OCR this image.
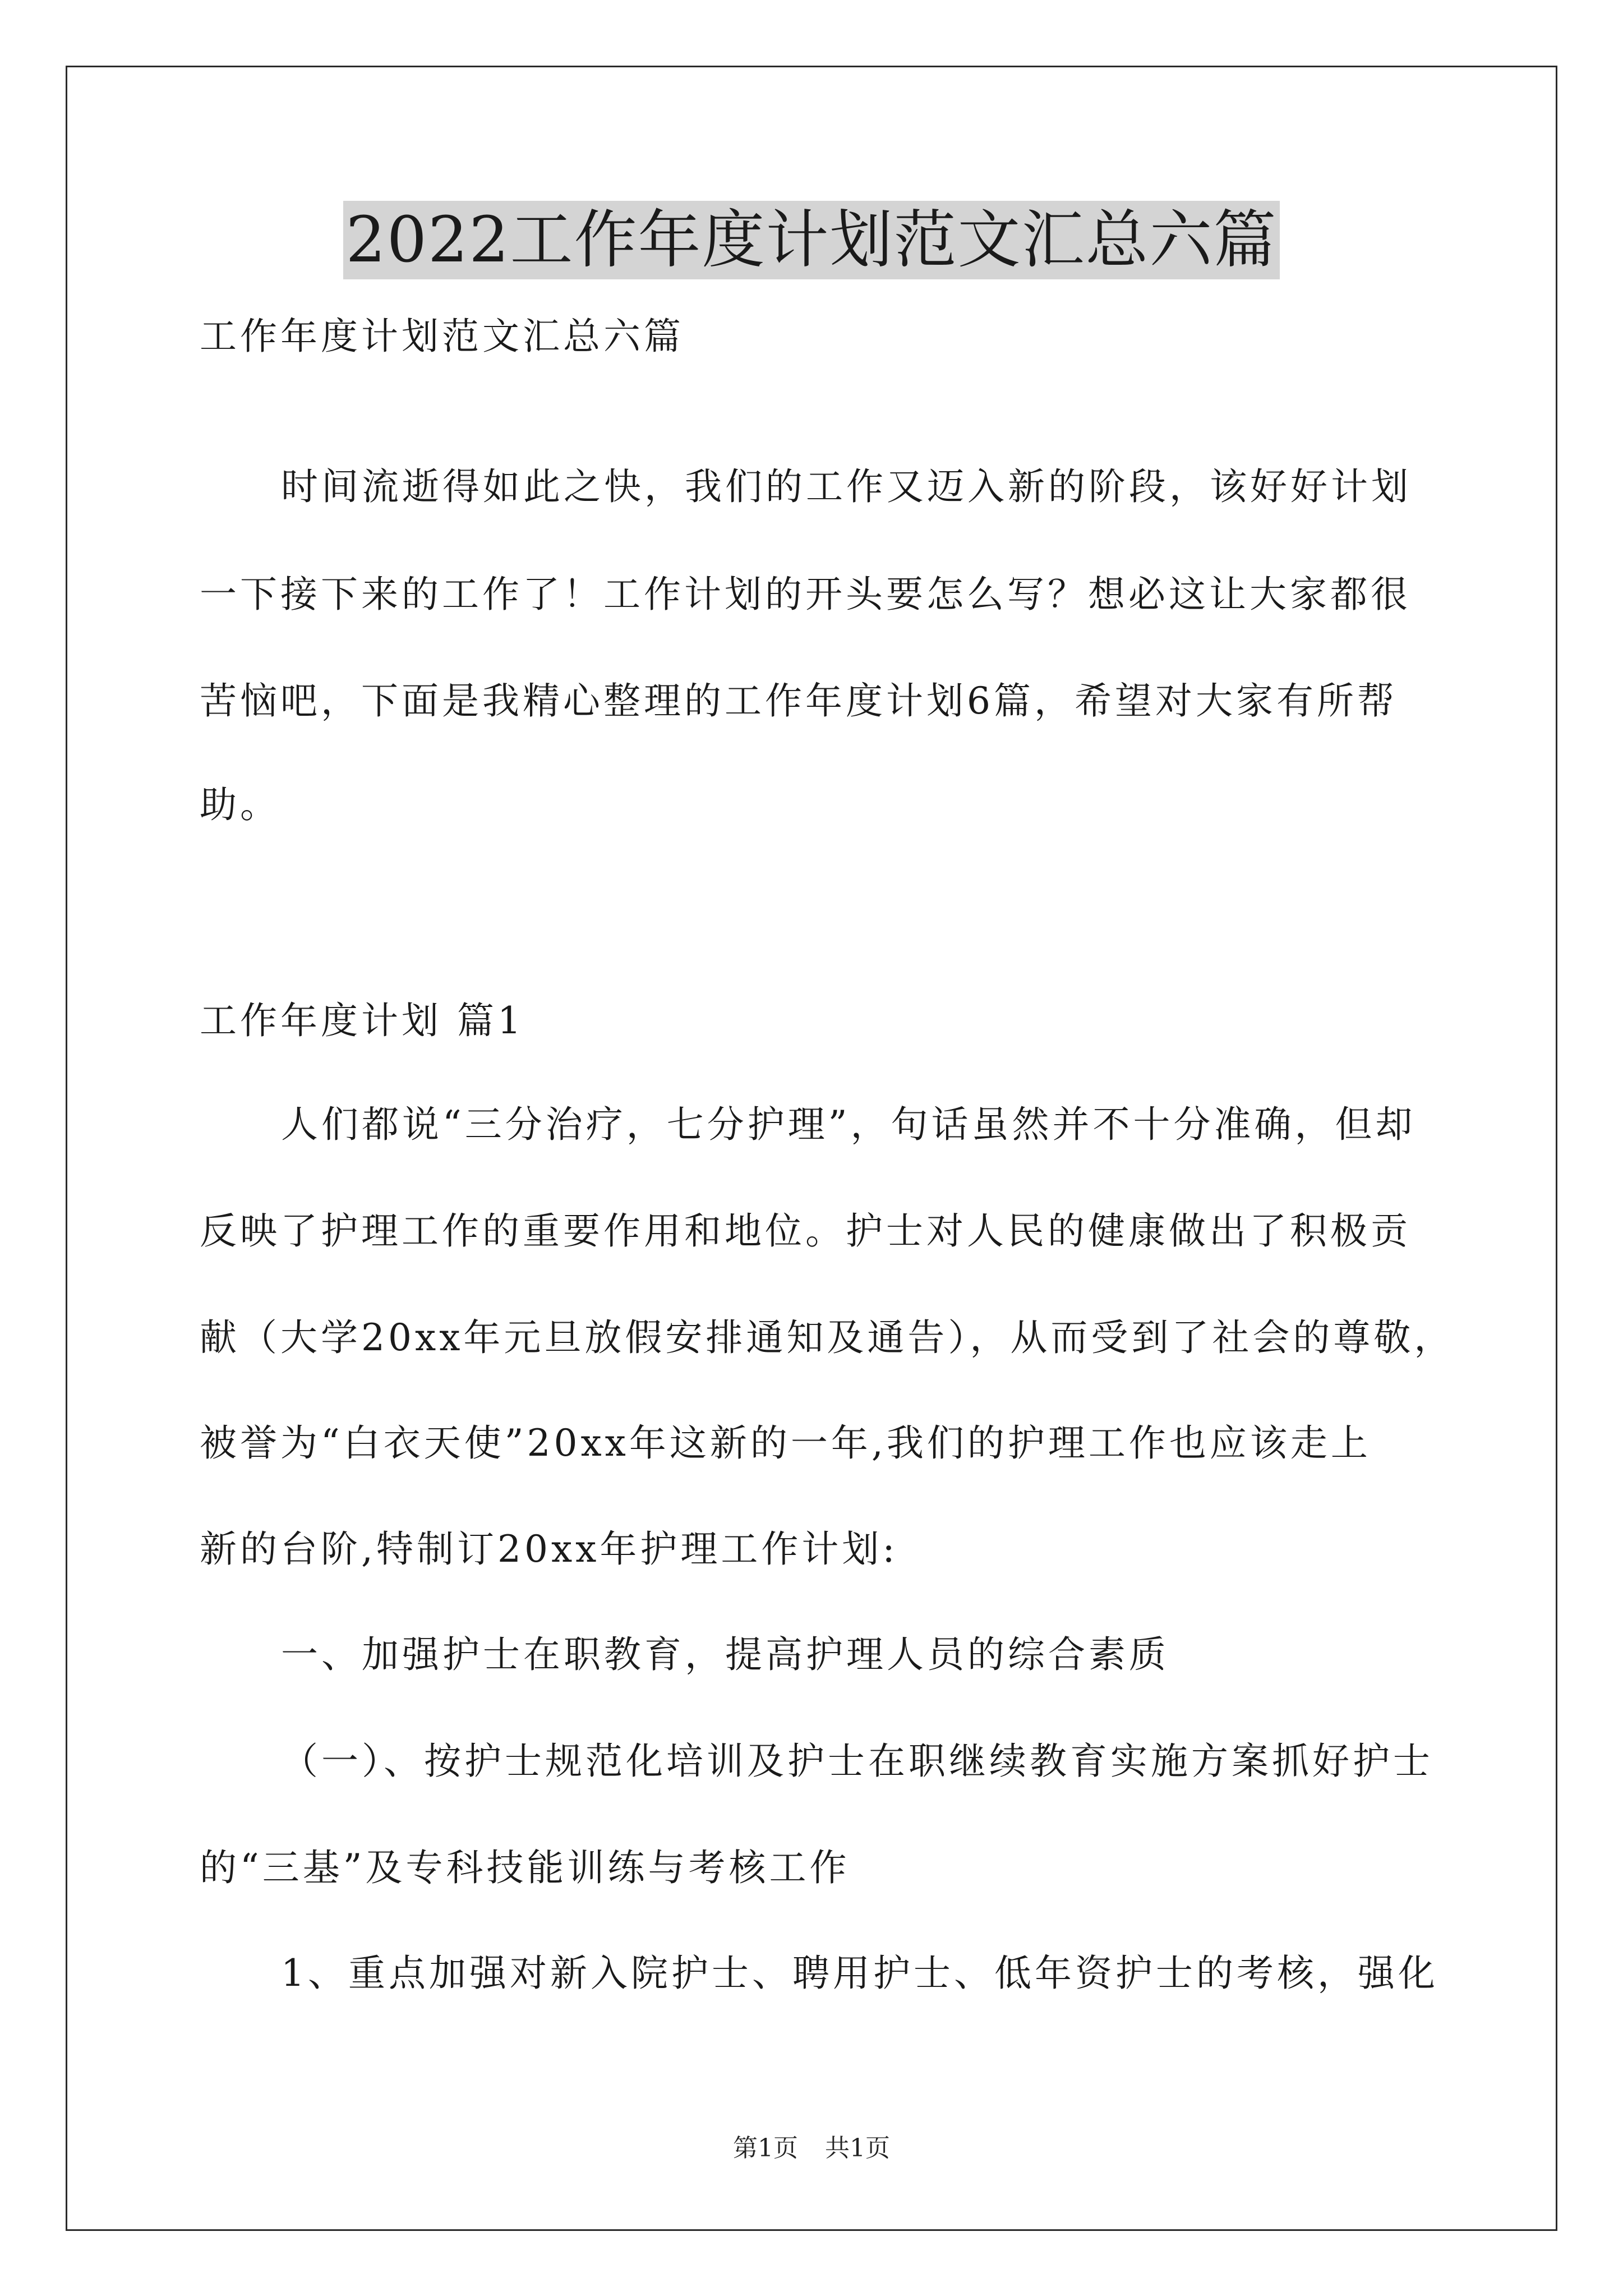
2022工作年度计划范文汇总六篇
工作年度计划范文汇总六篇
时间流逝得如此之快，我们的工作又迈入新的阶段，该好好计划
一下接下来的工作了！工作计划的开头要怎么写？想必这让大家都很
苦恼吧，下面是我精心整理的工作年度计划6篇，希望对大家有所帮
助。
工作年度计划 篇1
人们都说“三分治疗，七分护理”，句话虽然并不十分准确，但却
反映了护理工作的重要作用和地位。护士对人民的健康做出了积极贡
献（大学20xx年元旦放假安排通知及通告），从而受到了社会的尊敬，
被誉为“白衣天使”20xx年这新的一年,我们的护理工作也应该走上
新的台阶,特制订20xx年护理工作计划:
一、加强护士在职教育，提高护理人员的综合素质
（一）、按护士规范化培训及护士在职继续教育实施方案抓好护士
的“三基”及专科技能训练与考核工作
1、重点加强对新入院护士、聘用护士、低年资护士的考核，强化
第1页 共1页
